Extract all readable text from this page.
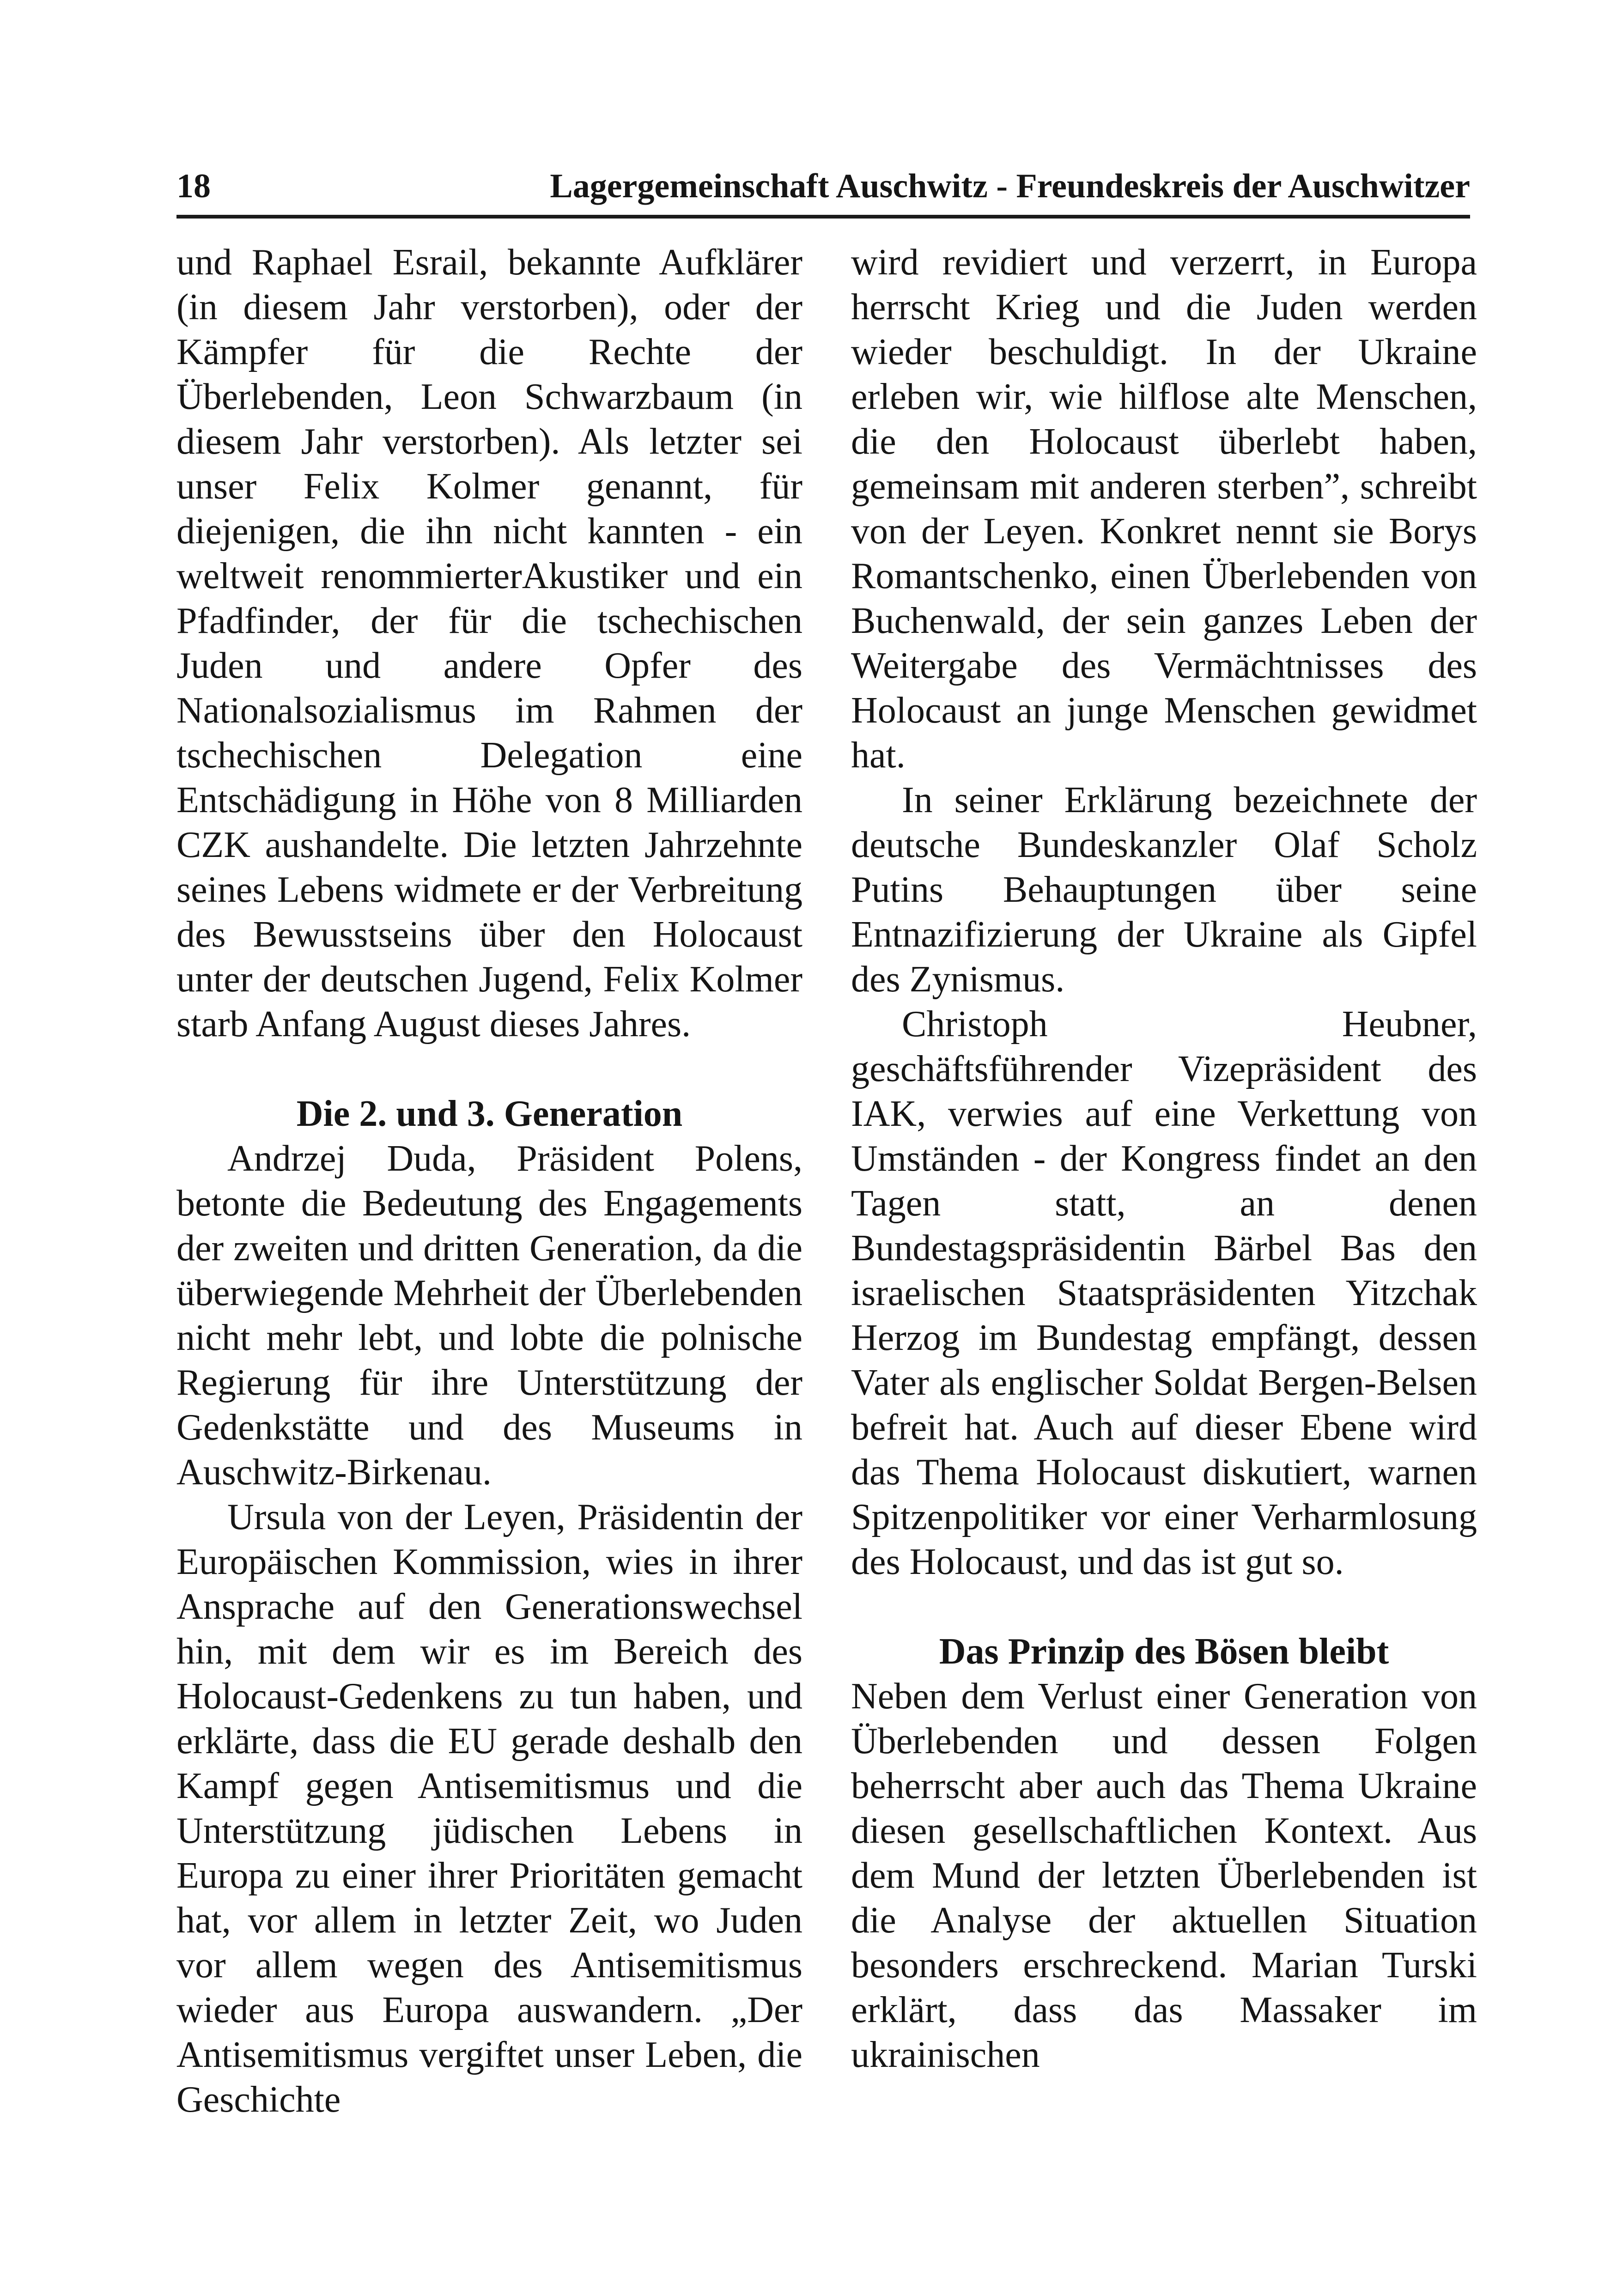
18	Lagergemeinschaft Auschwitz - Freundeskreis der Auschwitzer

und Raphael Esrail, bekannte Aufklärer (in diesem Jahr verstorben), oder der Kämpfer für die Rechte der Überlebenden, Leon Schwarzbaum (in diesem Jahr verstorben). Als letzter sei unser Felix Kolmer genannt, für diejenigen, die ihn nicht kannten - ein weltweit renommierterAkustiker und ein Pfadfinder, der für die tschechischen Juden und andere Opfer des Nationalsozialismus im Rahmen der tschechischen Delegation eine Entschädigung in Höhe von 8 Milliarden CZK aushandelte. Die letzten Jahrzehnte seines Lebens widmete er der Verbreitung des Bewusstseins über den Holocaust unter der deutschen Jugend, Felix Kolmer starb Anfang August dieses Jahres.

Die 2. und 3. Generation

Andrzej Duda, Präsident Polens, betonte die Bedeutung des Engagements der zweiten und dritten Generation, da die überwiegende Mehrheit der Überlebenden nicht mehr lebt, und lobte die polnische Regierung für ihre Unterstützung der Gedenkstätte und des Museums in Auschwitz-Birkenau.

Ursula von der Leyen, Präsidentin der Europäischen Kommission, wies in ihrer Ansprache auf den Generationswechsel hin, mit dem wir es im Bereich des Holocaust-Gedenkens zu tun haben, und erklärte, dass die EU gerade deshalb den Kampf gegen Antisemitismus und die Unterstützung jüdischen Lebens in Europa zu einer ihrer Prioritäten gemacht hat, vor allem in letzter Zeit, wo Juden vor allem wegen des Antisemitismus wieder aus Europa auswandern. „Der Antisemitismus vergiftet unser Leben, die Geschichte

wird revidiert und verzerrt, in Europa herrscht Krieg und die Juden werden wieder beschuldigt. In der Ukraine erleben wir, wie hilflose alte Menschen, die den Holocaust überlebt haben, gemeinsam mit anderen sterben”, schreibt von der Leyen. Konkret nennt sie Borys Romantschenko, einen Überlebenden von Buchenwald, der sein ganzes Leben der Weitergabe des Vermächtnisses des Holocaust an junge Menschen gewidmet hat.

In seiner Erklärung bezeichnete der deutsche Bundeskanzler Olaf Scholz Putins Behauptungen über seine Entnazifizierung der Ukraine als Gipfel des Zynismus.

Christoph Heubner, geschäftsführender Vizepräsident des IAK, verwies auf eine Verkettung von Umständen - der Kongress findet an den Tagen statt, an denen Bundestagspräsidentin Bärbel Bas den israelischen Staatspräsidenten Yitzchak Herzog im Bundestag empfängt, dessen Vater als englischer Soldat Bergen-Belsen befreit hat. Auch auf dieser Ebene wird das Thema Holocaust diskutiert, warnen Spitzenpolitiker vor einer Verharmlosung des Holocaust, und das ist gut so.

Das Prinzip des Bösen bleibt

Neben dem Verlust einer Generation von Überlebenden und dessen Folgen beherrscht aber auch das Thema Ukraine diesen gesellschaftlichen Kontext. Aus dem Mund der letzten Überlebenden ist die Analyse der aktuellen Situation besonders erschreckend. Marian Turski erklärt, dass das Massaker im ukrainischen
